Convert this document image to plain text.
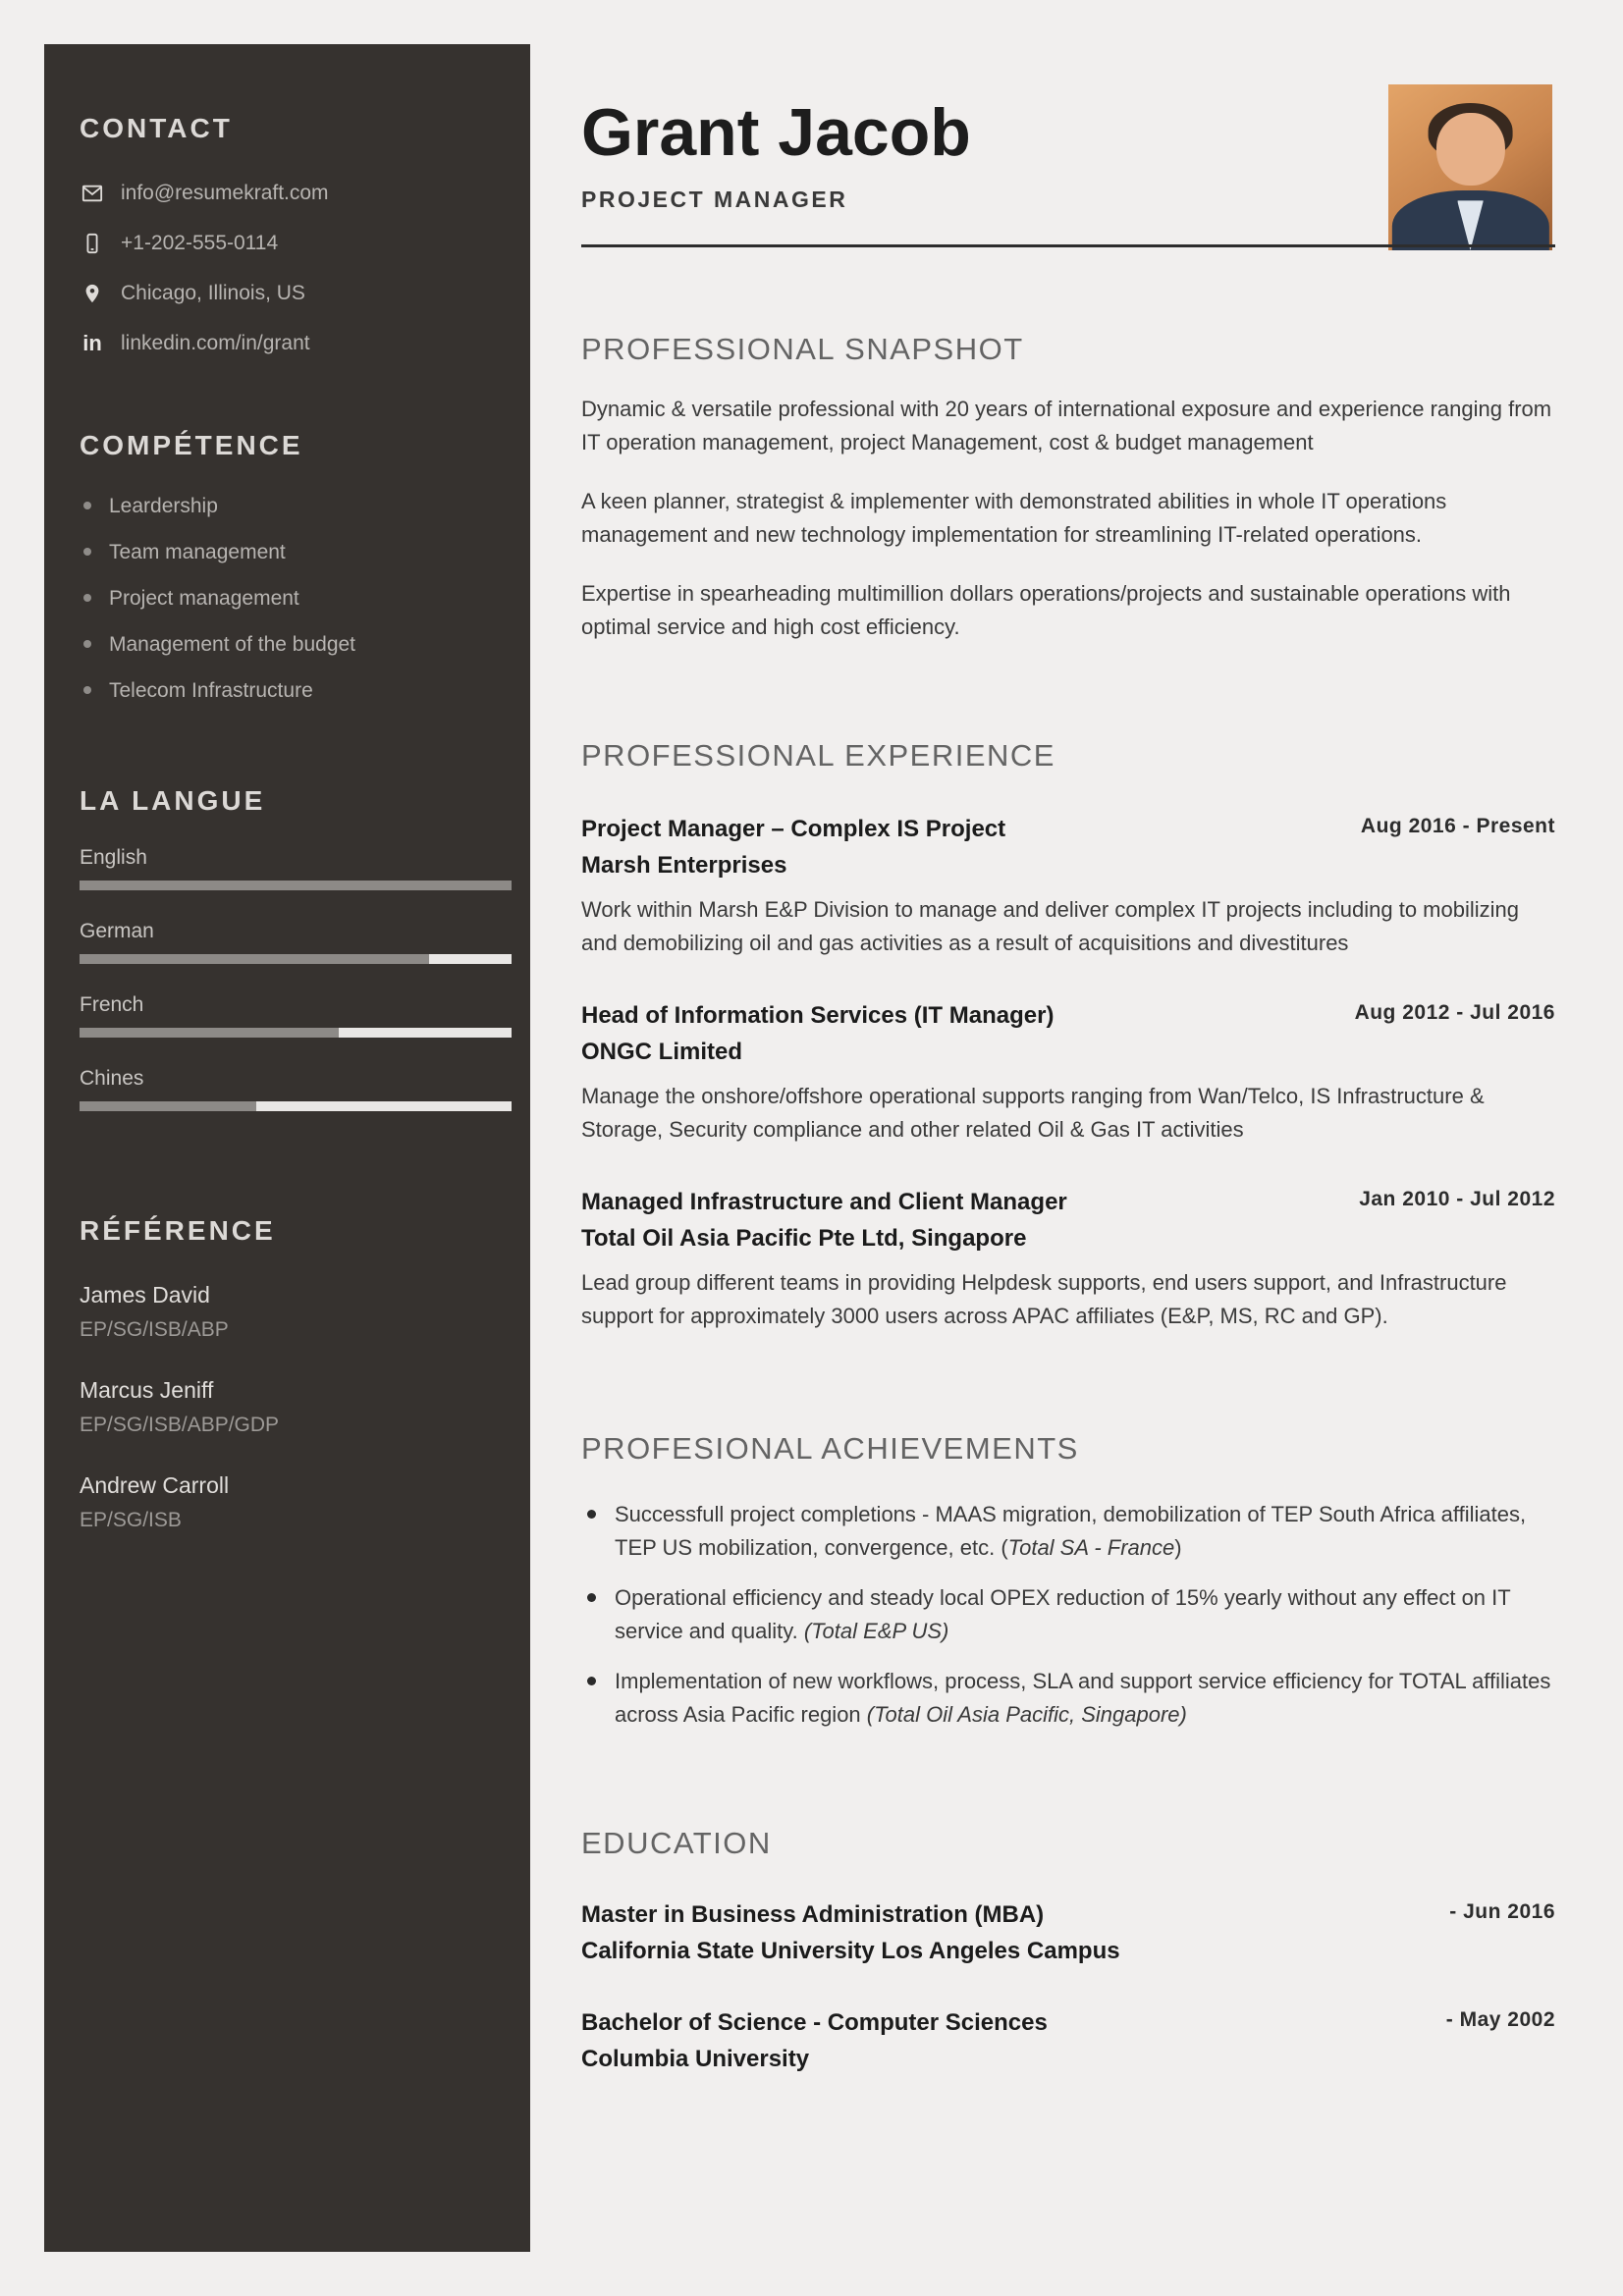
CONTACT
info@resumekraft.com
+1-202-555-0114
Chicago, Illinois, US
in linkedin.com/in/grant
COMPÉTENCE
Leardership
Team management
Project management
Management of the budget
Telecom Infrastructure
LA LANGUE
English
German
French
Chines
RÉFÉRENCE
James David
EP/SG/ISB/ABP
Marcus Jeniff
EP/SG/ISB/ABP/GDP
Andrew Carroll
EP/SG/ISB
Grant Jacob
PROJECT MANAGER
PROFESSIONAL SNAPSHOT

Dynamic & versatile professional with 20 years of international exposure and experience ranging from IT operation management, project Management, cost & budget management

A keen planner, strategist & implementer with demonstrated abilities in whole IT operations management and new technology implementation for streamlining IT-related operations.

Expertise in spearheading multimillion dollars operations/projects and sustainable operations with optimal service and high cost efficiency.

PROFESSIONAL EXPERIENCE
Project Manager – Complex IS Project
Marsh Enterprises
Aug 2016 - Present

Work within Marsh E&P Division to manage and deliver complex IT projects including to mobilizing and demobilizing oil and gas activities as a result of acquisitions and divestitures

Head of Information Services (IT Manager)
ONGC Limited
Aug 2012 - Jul 2016

Manage the onshore/offshore operational supports ranging from Wan/Telco, IS Infrastructure & Storage, Security compliance and other related Oil & Gas IT activities

Managed Infrastructure and Client Manager
Total Oil Asia Pacific Pte Ltd, Singapore
Jan 2010 - Jul 2012

Lead group different teams in providing Helpdesk supports, end users support, and Infrastructure support for approximately 3000 users across APAC affiliates (E&P, MS, RC and GP).

PROFESIONAL ACHIEVEMENTS
Successfull project completions - MAAS migration, demobilization of TEP South Africa affiliates, TEP US mobilization, convergence, etc. (Total SA - France)
Operational efficiency and steady local OPEX reduction of 15% yearly without any effect on IT service and quality. (Total E&P US)
Implementation of new workflows, process, SLA and support service efficiency for TOTAL affiliates across Asia Pacific region (Total Oil Asia Pacific, Singapore)
EDUCATION
Master in Business Administration (MBA)
California State University Los Angeles Campus
- Jun 2016
Bachelor of Science - Computer Sciences
Columbia University
- May 2002
